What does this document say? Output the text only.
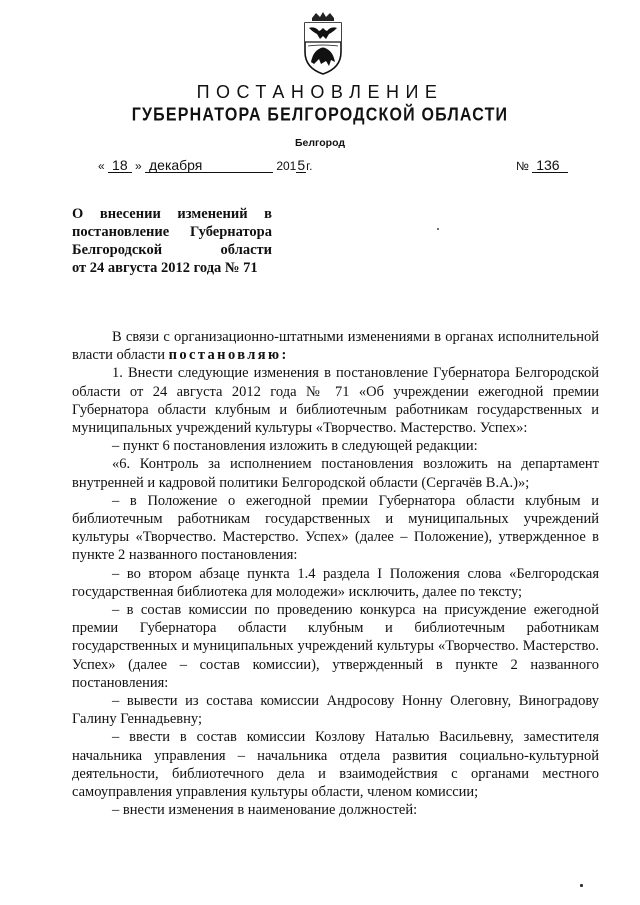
ПОСТАНОВЛЕНИЕ
ГУБЕРНАТОРА БЕЛГОРОДСКОЙ ОБЛАСТИ
Белгород
« 18 » декабря	2015г.	№ 136
О внесении изменений в
постановление Губернатора
Белгородской области
от 24 августа 2012 года № 71

В связи с организационно-штатными изменениями в органах исполнительной власти области постановляю:

1. Внести следующие изменения в постановление Губернатора Белгородской области от 24 августа 2012 года № 71 «Об учреждении ежегодной премии Губернатора области клубным и библиотечным работникам государственных и муниципальных учреждений культуры «Творчество. Мастерство. Успех»:

– пункт 6 постановления изложить в следующей редакции:

«6. Контроль за исполнением постановления возложить на департамент внутренней и кадровой политики Белгородской области (Сергачёв В.А.)»;

– в Положение о ежегодной премии Губернатора области клубным и библиотечным работникам государственных и муниципальных учреждений культуры «Творчество. Мастерство. Успех» (далее – Положение), утвержденное в пункте 2 названного постановления:

– во втором абзаце пункта 1.4 раздела I Положения слова «Белгородская государственная библиотека для молодежи» исключить, далее по тексту;

– в состав комиссии по проведению конкурса на присуждение ежегодной премии Губернатора области клубным и библиотечным работникам государственных и муниципальных учреждений культуры «Творчество. Мастерство. Успех» (далее – состав комиссии), утвержденный в пункте 2 названного постановления:

– вывести из состава комиссии Андросову Нонну Олеговну, Виноградову Галину Геннадьевну;

– ввести в состав комиссии Козлову Наталью Васильевну, заместителя начальника управления – начальника отдела развития социально-культурной деятельности, библиотечного дела и взаимодействия с органами местного самоуправления управления культуры области, членом комиссии;

– внести изменения в наименование должностей:
